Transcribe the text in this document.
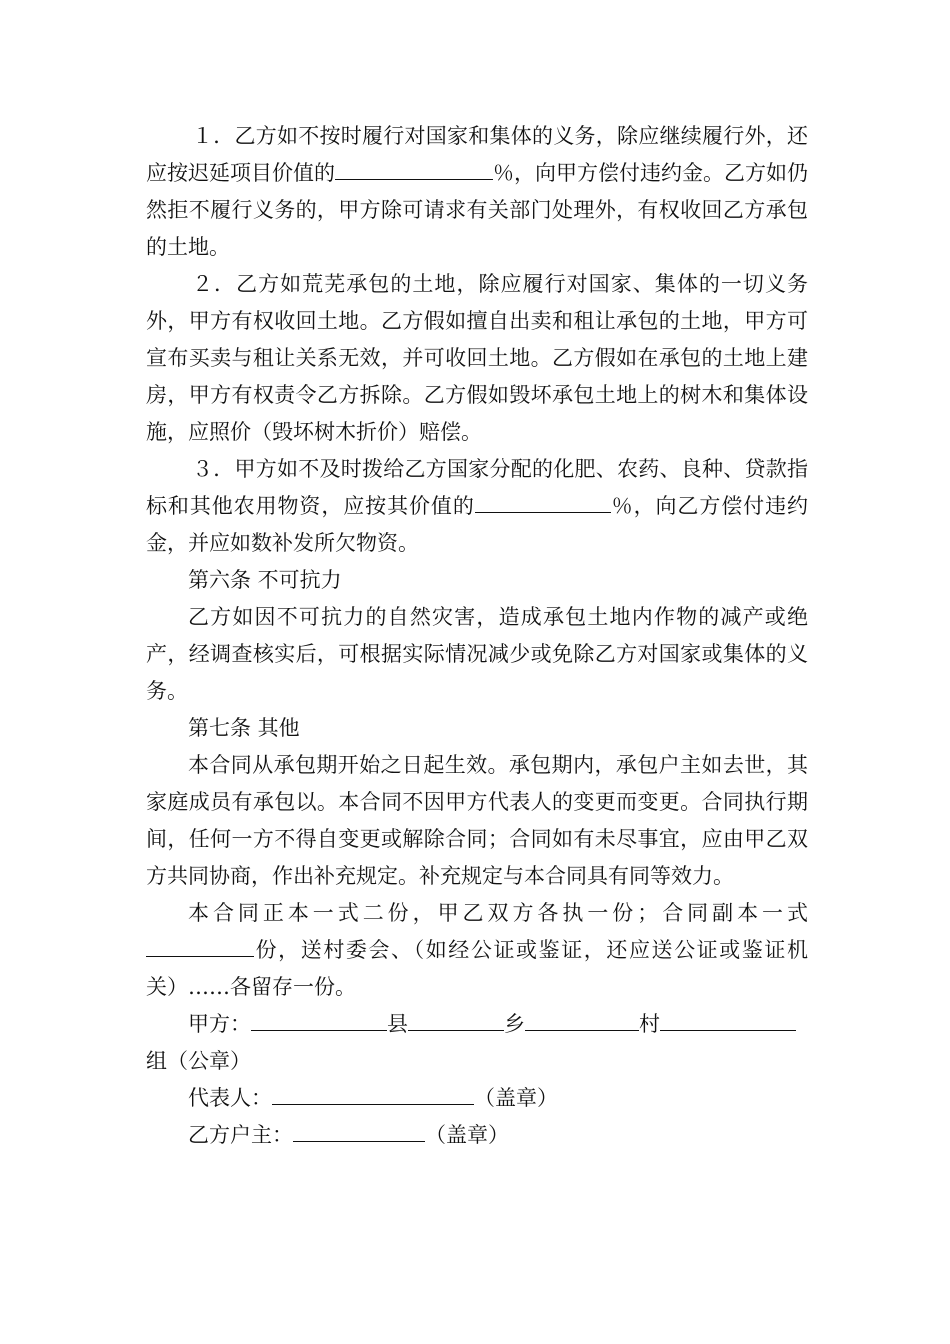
１．乙方如不按时履行对国家和集体的义务，除应继续履行外，还应按迟延项目价值的	％，向甲方偿付违约金。乙方如仍然拒不履行义务的，甲方除可请求有关部门处理外，有权收回乙方承包的土地。

２．乙方如荒芜承包的土地，除应履行对国家、集体的一切义务外，甲方有权收回土地。乙方假如擅自出卖和租让承包的土地，甲方可宣布买卖与租让关系无效，并可收回土地。乙方假如在承包的土地上建房，甲方有权责令乙方拆除。乙方假如毁坏承包土地上的树木和集体设施，应照价（毁坏树木折价）赔偿。

３．甲方如不及时拨给乙方国家分配的化肥、农药、良种、贷款指标和其他农用物资，应按其价值的	％，向乙方偿付违约金，并应如数补发所欠物资。

第六条 不可抗力

乙方如因不可抗力的自然灾害，造成承包土地内作物的减产或绝产，经调查核实后，可根据实际情况减少或免除乙方对国家或集体的义务。

第七条 其他

本合同从承包期开始之日起生效。承包期内，承包户主如去世，其家庭成员有承包以。本合同不因甲方代表人的变更而变更。合同执行期间，任何一方不得自变更或解除合同；合同如有未尽事宜，应由甲乙双方共同协商，作出补充规定。补充规定与本合同具有同等效力。

本合同正本一式二份，甲乙双方各执一份；合同副本一式份，送村委会、（如经公证或鉴证，还应送公证或鉴证机关）……各留存一份。

甲方：	县	乡	村

组（公章）

代表人：	（盖章）

乙方户主：	（盖章）
